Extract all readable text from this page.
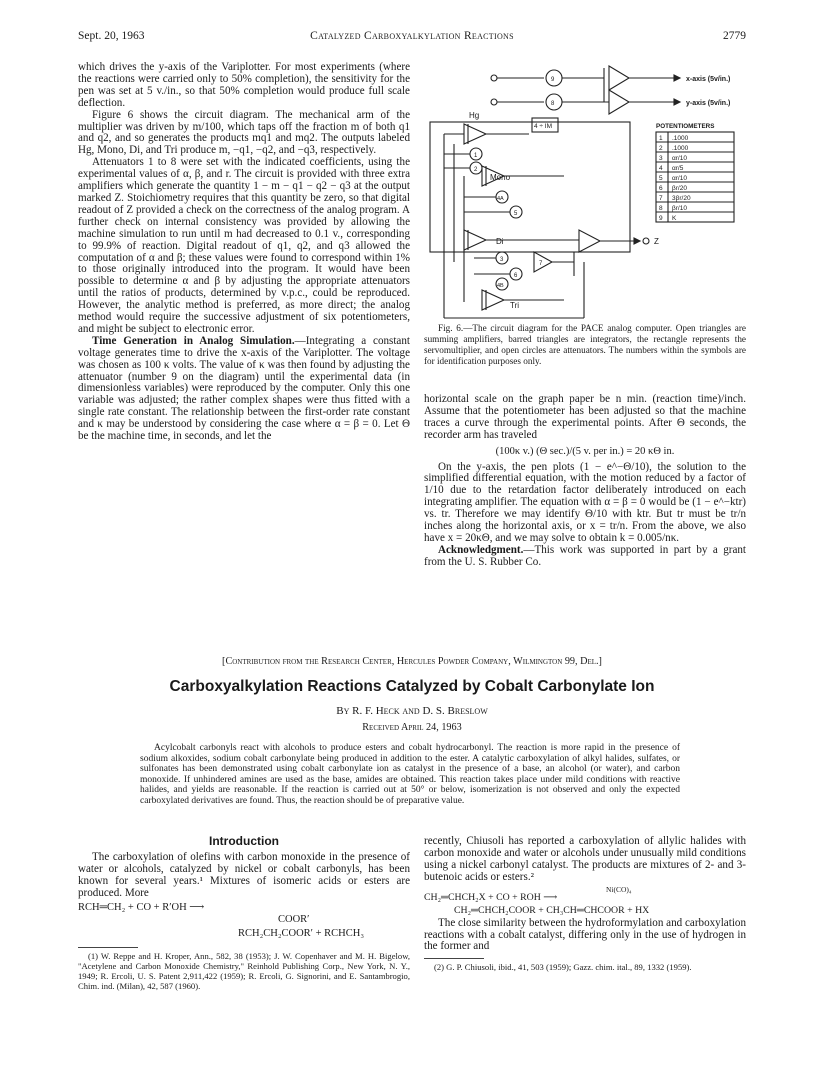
Sept. 20, 1963	Catalyzed Carboxyalkylation Reactions	2779

which drives the y-axis of the Variplotter. For most experiments (where the reactions were carried only to 50% completion), the sensitivity for the pen was set at 5 v./in., so that 50% completion would produce full scale deflection.

Figure 6 shows the circuit diagram. The mechanical arm of the multiplier was driven by m/100, which taps off the fraction m of both q1 and q2, and so generates the products mq1 and mq2. The outputs labeled Hg, Mono, Di, and Tri produce m, −q1, −q2, and −q3, respectively.

Attenuators 1 to 8 were set with the indicated coefficients, using the experimental values of α, β, and r. The circuit is provided with three extra amplifiers which generate the quantity 1 − m − q1 − q2 − q3 at the output marked Z. Stoichiometry requires that this quantity be zero, so that digital readout of Z provided a check on the correctness of the analog program. A further check on internal consistency was provided by allowing the machine simulation to run until m had decreased to 0.1 v., corresponding to 99.9% of reaction. Digital readout of q1, q2, and q3 allowed the computation of α and β; these values were found to correspond within 1% to those originally introduced into the program. It would have been possible to determine α and β by adjusting the appropriate attenuators until the ratios of products, determined by v.p.c., could be reproduced. However, the analytic method is preferred, as more direct; the analog method would require the successive adjustment of six potentiometers, and might be subject to electronic error.

Time Generation in Analog Simulation.—Integrating a constant voltage generates time to drive the x-axis of the Variplotter. The voltage was chosen as 100 κ volts. The value of κ was then found by adjusting the attenuator (number 9 on the diagram) until the experimental data (in dimensionless variables) were reproduced by the computer. Only this one variable was adjusted; the rather complex shapes were thus fitted with a single rate constant. The relationship between the first-order rate constant and κ may be understood by considering the case where α = β = 0. Let Θ be the machine time, in seconds, and let the

x-axis (5v/in.)
y-axis (5v/in.)
4 ÷ IM
Hg
Mono
Di
Tri
Z
POTENTIOMETERS
1 .1000
2 .1000
3 αr/10
4 αr/5
5 αr/10
6 βr/20
7 3βr/20
8 βr/10
9 K
9
8
1
2
4A
5
3
6
4B
7

Fig. 6.—The circuit diagram for the PACE analog computer. Open triangles are summing amplifiers, barred triangles are integrators, the rectangle represents the servomultiplier, and open circles are attenuators. The numbers within the symbols are for identification purposes only.

horizontal scale on the graph paper be n min. (reaction time)/inch. Assume that the potentiometer has been adjusted so that the machine traces a curve through the experimental points. After Θ seconds, the recorder arm has traveled

(100κ v.) (Θ sec.)/(5 v. per in.) = 20 κΘ in.

On the y-axis, the pen plots (1 − e^−Θ/10), the solution to the simplified differential equation, with the motion reduced by a factor of 1/10 due to the retardation factor deliberately introduced on each integrating amplifier. The equation with α = β = 0 would be (1 − e^−ktr) vs. tr. Therefore we may identify Θ/10 with ktr. But tr must be tr/n inches along the horizontal axis, or x = tr/n. From the above, we also have x = 20κΘ, and we may solve to obtain k = 0.005/nκ.

Acknowledgment.—This work was supported in part by a grant from the U. S. Rubber Co.

[Contribution from the Research Center, Hercules Powder Company, Wilmington 99, Del.]
Carboxyalkylation Reactions Catalyzed by Cobalt Carbonylate Ion
By R. F. Heck and D. S. Breslow
Received April 24, 1963

Acylcobalt carbonyls react with alcohols to produce esters and cobalt hydrocarbonyl. The reaction is more rapid in the presence of sodium alkoxides, sodium cobalt carbonylate being produced in addition to the ester. A catalytic carboxylation of alkyl halides, sulfates, or sulfonates has been demonstrated using cobalt carbonylate ion as catalyst in the presence of a base, an alcohol (or water), and carbon monoxide. If unhindered amines are used as the base, amides are obtained. This reaction takes place under mild conditions with reactive halides, and yields are reasonable. If the reaction is carried out at 50° or below, isomerization is not observed and only the expected carboxylated derivatives are found. Thus, the reaction should be of preparative value.

Introduction

The carboxylation of olefins with carbon monoxide in the presence of water or alcohols, catalyzed by nickel or cobalt carbonyls, has been known for several years.¹ Mixtures of isomeric acids or esters are produced. More

RCH═CH₂ + CO + R′OH ⟶
COOR′
RCH₂CH₂COOR′ + RCHCH₃

(1) W. Reppe and H. Kroper, Ann., 582, 38 (1953); J. W. Copenhaver and M. H. Bigelow, "Acetylene and Carbon Monoxide Chemistry," Reinhold Publishing Corp., New York, N. Y., 1949; R. Ercoli, U. S. Patent 2,911,422 (1959); R. Ercoli, G. Signorini, and E. Santambrogio, Chim. ind. (Milan), 42, 587 (1960).

recently, Chiusoli has reported a carboxylation of allylic halides with carbon monoxide and water or alcohols under unusually mild conditions using a nickel carbonyl catalyst. The products are mixtures of 2- and 3-butenoic acids or esters.²

Ni(CO)₄
CH₂═CHCH₂X + CO + ROH ⟶
CH₂═CHCH₂COOR + CH₃CH═CHCOOR + HX

The close similarity between the hydroformylation and carboxylation reactions with a cobalt catalyst, differing only in the use of hydrogen in the former and

(2) G. P. Chiusoli, ibid., 41, 503 (1959); Gazz. chim. ital., 89, 1332 (1959).
